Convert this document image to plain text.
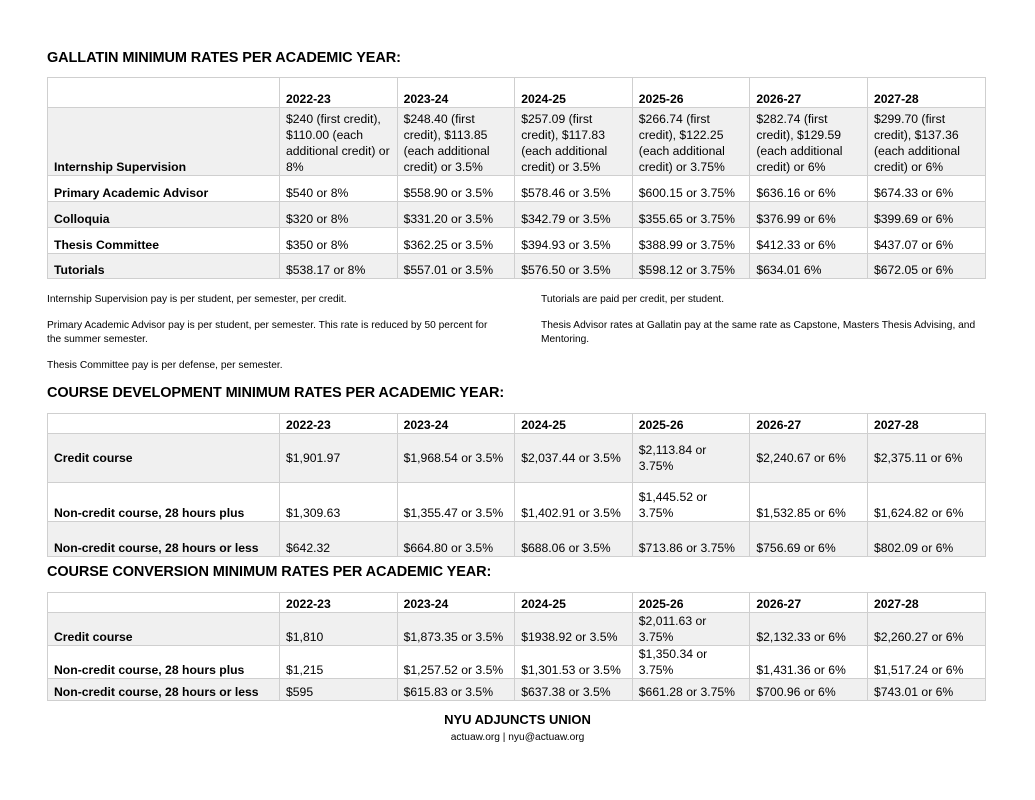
GALLATIN MINIMUM RATES PER ACADEMIC YEAR:
	2022-23	2023-24	2024-25	2025-26	2026-27	2027-28
Internship Supervision	$240 (first credit), $110.00 (each additional credit) or 8%	$248.40 (first credit), $113.85 (each additional credit) or 3.5%	$257.09 (first credit), $117.83 (each additional credit) or 3.5%	$266.74 (first credit), $122.25 (each additional credit) or 3.75%	$282.74 (first credit), $129.59 (each additional credit) or 6%	$299.70 (first credit), $137.36 (each additional credit) or 6%
Primary Academic Advisor	$540 or 8%	$558.90 or 3.5%	$578.46 or 3.5%	$600.15 or 3.75%	$636.16 or 6%	$674.33 or 6%
Colloquia	$320 or 8%	$331.20 or 3.5%	$342.79 or 3.5%	$355.65 or 3.75%	$376.99 or 6%	$399.69 or 6%
Thesis Committee	$350 or 8%	$362.25 or 3.5%	$394.93 or 3.5%	$388.99 or 3.75%	$412.33 or 6%	$437.07 or 6%
Tutorials	$538.17 or 8%	$557.01 or 3.5%	$576.50 or 3.5%	$598.12 or 3.75%	$634.01 6%	$672.05 or 6%

Internship Supervision pay is per student, per semester, per credit.

Primary Academic Advisor pay is per student, per semester. This rate is reduced by 50 percent for the summer semester.

Thesis Committee pay is per defense, per semester.

Tutorials are paid per credit, per student.

Thesis Advisor rates at Gallatin pay at the same rate as Capstone, Masters Thesis Advising, and Mentoring.

COURSE DEVELOPMENT MINIMUM RATES PER ACADEMIC YEAR:
	2022-23	2023-24	2024-25	2025-26	2026-27	2027-28
Credit course	$1,901.97	$1,968.54 or 3.5%	$2,037.44 or 3.5%	$2,113.84 or 3.75%	$2,240.67 or 6%	$2,375.11 or 6%
Non-credit course, 28 hours plus	$1,309.63	$1,355.47 or 3.5%	$1,402.91 or 3.5%	$1,445.52 or 3.75%	$1,532.85 or 6%	$1,624.82 or 6%
Non-credit course, 28 hours or less	$642.32	$664.80 or 3.5%	$688.06 or 3.5%	$713.86 or 3.75%	$756.69 or 6%	$802.09 or 6%
COURSE CONVERSION MINIMUM RATES PER ACADEMIC YEAR:
	2022-23	2023-24	2024-25	2025-26	2026-27	2027-28
Credit course	$1,810	$1,873.35 or 3.5%	$1938.92 or 3.5%	$2,011.63 or 3.75%	$2,132.33 or 6%	$2,260.27 or 6%
Non-credit course, 28 hours plus	$1,215	$1,257.52 or 3.5%	$1,301.53 or 3.5%	$1,350.34 or 3.75%	$1,431.36 or 6%	$1,517.24 or 6%
Non-credit course, 28 hours or less	$595	$615.83 or 3.5%	$637.38 or 3.5%	$661.28 or 3.75%	$700.96 or 6%	$743.01 or 6%
NYU ADJUNCTS UNION
actuaw.org | nyu@actuaw.org
